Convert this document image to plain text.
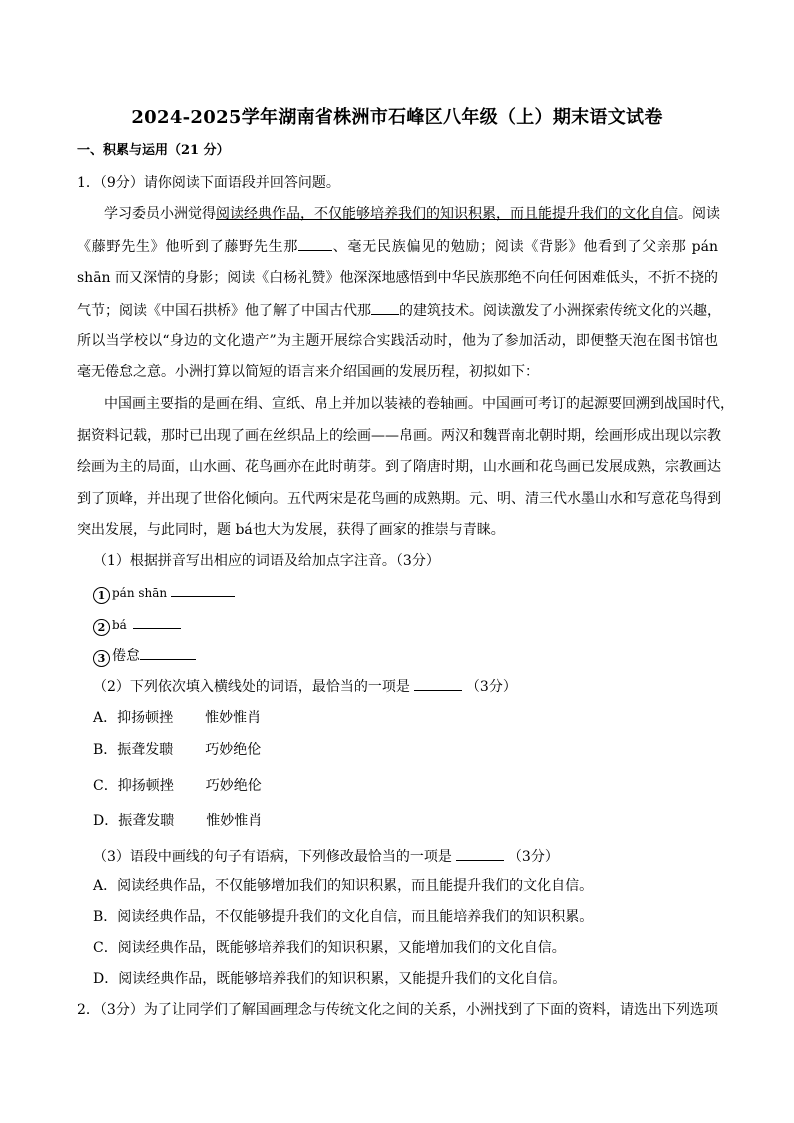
2024-2025学年湖南省株洲市石峰区八年级（上）期末语文试卷
一、积累与运用（21 分）
1．（9分）请你阅读下面语段并回答问题。
学习委员小洲觉得阅读经典作品，不仅能够培养我们的知识积累，而且能提升我们的文化自信。阅读
《藤野先生》他听到了藤野先生那 、毫无民族偏见的勉励；阅读《背影》他看到了父亲那 pán
shān 而又深情的身影；阅读《白杨礼赞》他深深地感悟到中华民族那绝不向任何困难低头，不折不挠的
气节；阅读《中国石拱桥》他了解了中国古代那 的建筑技术。阅读激发了小洲探索传统文化的兴趣，
所以当学校以“身边的文化遗产”为主题开展综合实践活动时，他为了参加活动，即便整天泡在图书馆也
毫无倦怠之意。小洲打算以简短的语言来介绍国画的发展历程，初拟如下：
中国画主要指的是画在绢、宣纸、帛上并加以装裱的卷轴画。中国画可考订的起源要回溯到战国时代，
据资料记载，那时已出现了画在丝织品上的绘画——帛画。两汉和魏晋南北朝时期，绘画形成出现以宗教
绘画为主的局面，山水画、花鸟画亦在此时萌芽。到了隋唐时期，山水画和花鸟画已发展成熟，宗教画达
到了顶峰，并出现了世俗化倾向。五代两宋是花鸟画的成熟期。元、明、清三代水墨山水和写意花鸟得到
突出发展，与此同时，题 bá也大为发展，获得了画家的推崇与青睐。
（1）根据拼音写出相应的词语及给加点字注音。（3分）
1 pán shān
2 bá
3 倦怠
（2）下列依次填入横线处的词语，最恰当的一项是	（3分）
A．抑扬顿挫 惟妙惟肖
B．振聋发聩 巧妙绝伦
C．抑扬顿挫 巧妙绝伦
D．振聋发聩 惟妙惟肖
（3）语段中画线的句子有语病，下列修改最恰当的一项是	（3分）
A．阅读经典作品，不仅能够增加我们的知识积累，而且能提升我们的文化自信。
B．阅读经典作品，不仅能够提升我们的文化自信，而且能培养我们的知识积累。
C．阅读经典作品，既能够培养我们的知识积累，又能增加我们的文化自信。
D．阅读经典作品，既能够培养我们的知识积累，又能提升我们的文化自信。
2．（3分）为了让同学们了解国画理念与传统文化之间的关系，小洲找到了下面的资料，请选出下列选项
